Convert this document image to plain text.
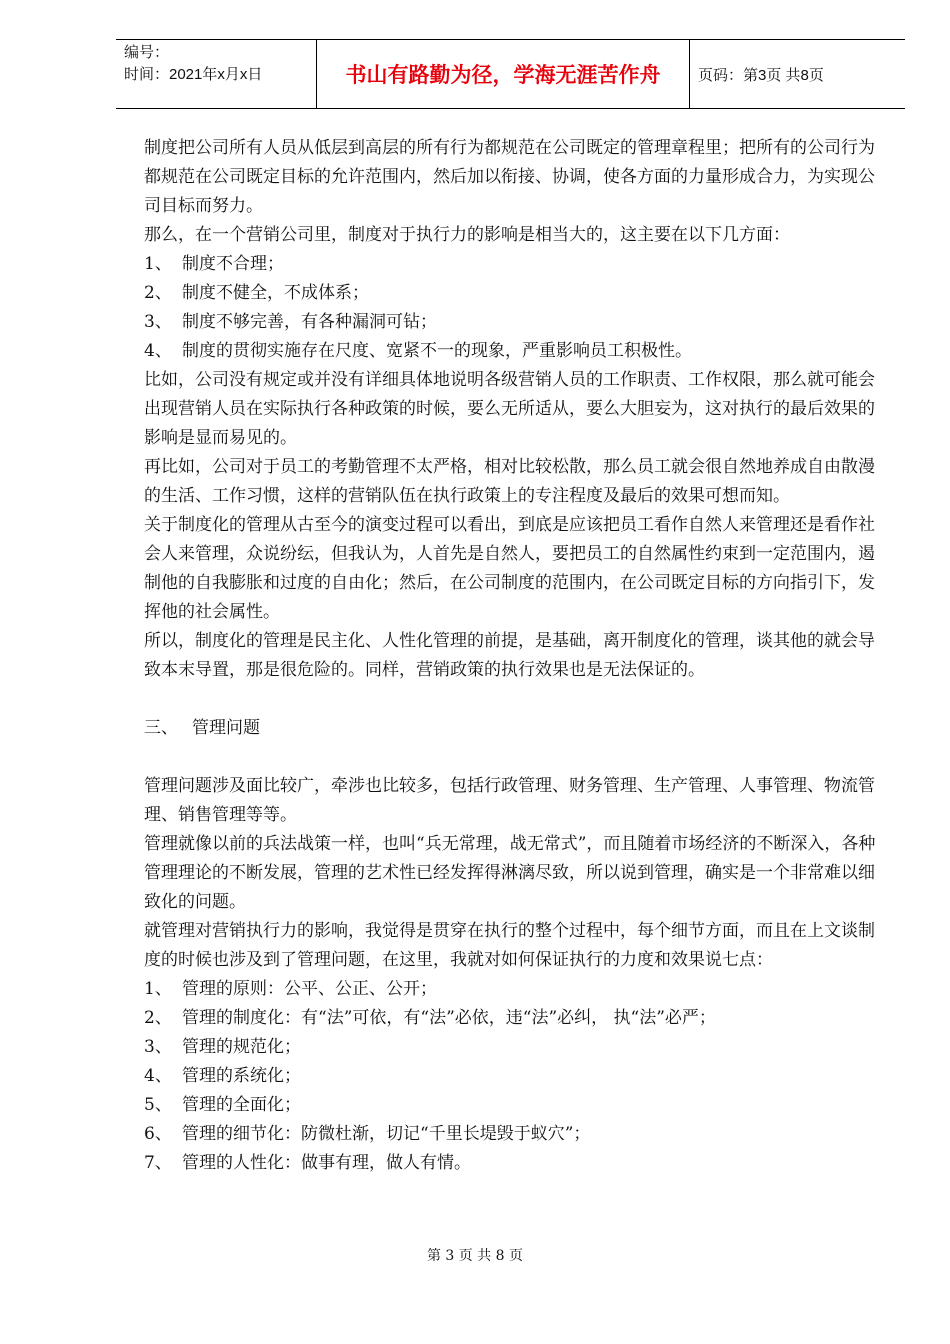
编号：
时间：2021年x月x日	书山有路勤为径，学海无涯苦作舟	页码：第3页 共8页

制度把公司所有人员从低层到高层的所有行为都规范在公司既定的管理章程里；把所有的公司行为都规范在公司既定目标的允许范围内，然后加以衔接、协调，使各方面的力量形成合力，为实现公司目标而努力。

那么，在一个营销公司里，制度对于执行力的影响是相当大的，这主要在以下几方面：

1、 制度不合理；
2、 制度不健全，不成体系；
3、 制度不够完善，有各种漏洞可钻；
4、 制度的贯彻实施存在尺度、宽紧不一的现象，严重影响员工积极性。

比如，公司没有规定或并没有详细具体地说明各级营销人员的工作职责、工作权限，那么就可能会出现营销人员在实际执行各种政策的时候，要么无所适从，要么大胆妄为，这对执行的最后效果的影响是显而易见的。

再比如，公司对于员工的考勤管理不太严格，相对比较松散，那么员工就会很自然地养成自由散漫的生活、工作习惯，这样的营销队伍在执行政策上的专注程度及最后的效果可想而知。

关于制度化的管理从古至今的演变过程可以看出，到底是应该把员工看作自然人来管理还是看作社会人来管理，众说纷纭，但我认为，人首先是自然人，要把员工的自然属性约束到一定范围内，遏制他的自我膨胀和过度的自由化；然后，在公司制度的范围内，在公司既定目标的方向指引下，发挥他的社会属性。

所以，制度化的管理是民主化、人性化管理的前提，是基础，离开制度化的管理，谈其他的就会导致本末导置，那是很危险的。同样，营销政策的执行效果也是无法保证的。

三、 管理问题

管理问题涉及面比较广，牵涉也比较多，包括行政管理、财务管理、生产管理、人事管理、物流管理、销售管理等等。

管理就像以前的兵法战策一样，也叫“兵无常理，战无常式”，而且随着市场经济的不断深入，各种管理理论的不断发展，管理的艺术性已经发挥得淋漓尽致，所以说到管理，确实是一个非常难以细致化的问题。

就管理对营销执行力的影响，我觉得是贯穿在执行的整个过程中，每个细节方面，而且在上文谈制度的时候也涉及到了管理问题，在这里，我就对如何保证执行的力度和效果说七点：

1、 管理的原则：公平、公正、公开；
2、 管理的制度化：有“法”可依，有“法”必依，违“法”必纠， 执“法”必严；
3、 管理的规范化；
4、 管理的系统化；
5、 管理的全面化；
6、 管理的细节化：防微杜渐，切记“千里长堤毁于蚁穴”；
7、 管理的人性化：做事有理，做人有情。
第 3 页 共 8 页
